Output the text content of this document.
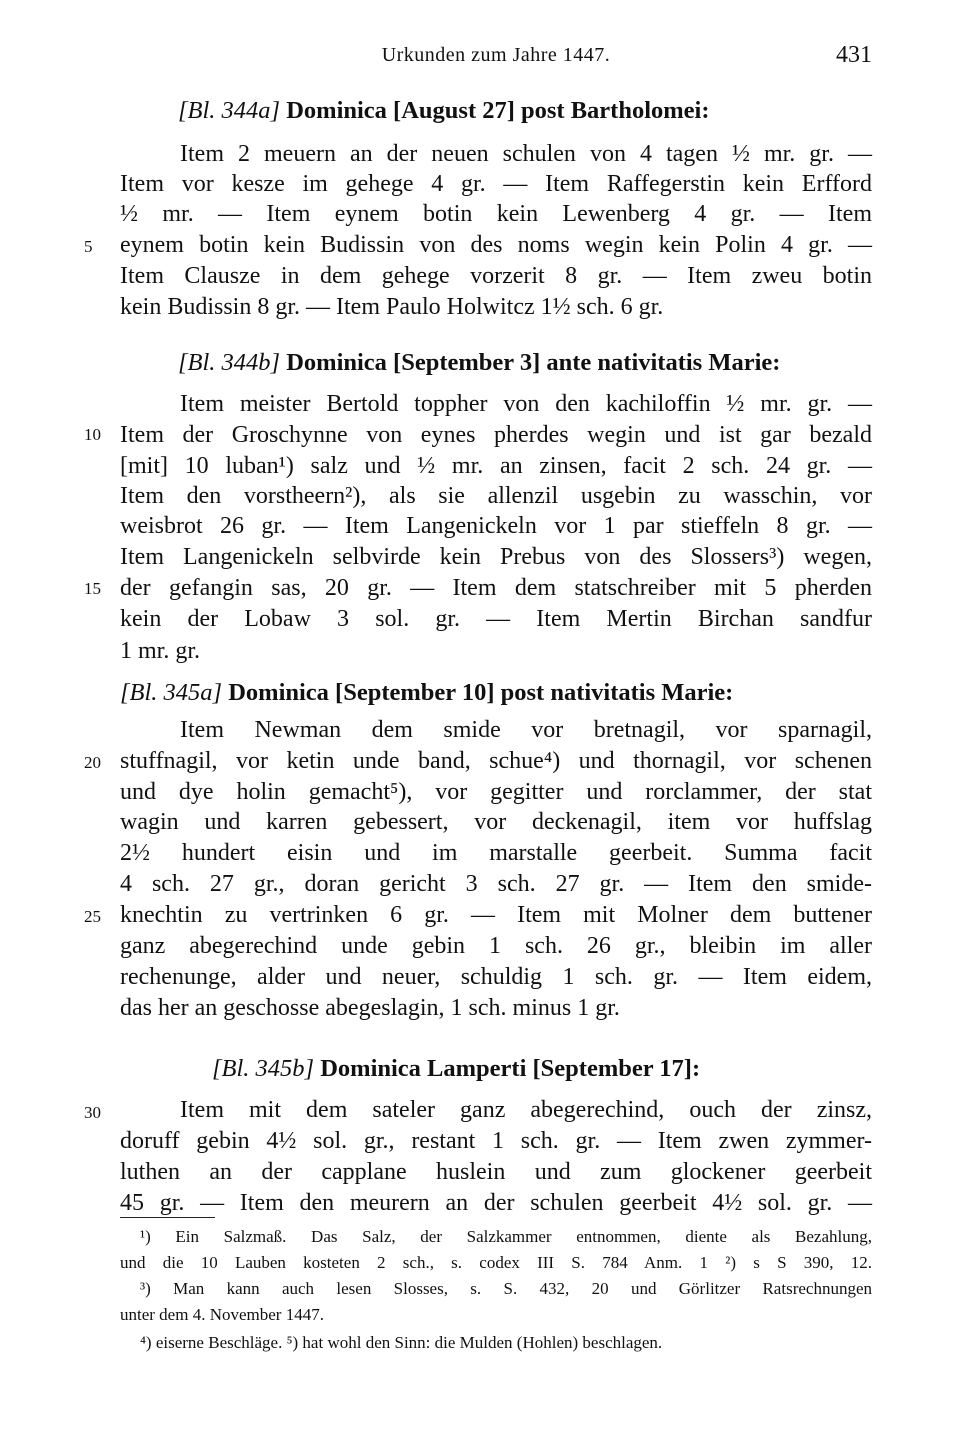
Urkunden zum Jahre 1447.	431
[Bl. 344a] Dominica [August 27] post Bartholomei:
Item 2 meuern an der neuen schulen von 4 tagen ½ mr. gr. —
Item vor kesze im gehege 4 gr. — Item Raffegerstin kein Erfford
½ mr. — Item eynem botin kein Lewenberg 4 gr. — Item
eynem botin kein Budissin von des noms wegin kein Polin 4 gr. —
Item Clausze in dem gehege vorzerit 8 gr. — Item zweu botin
kein Budissin 8 gr. — Item Paulo Holwitcz 1½ sch. 6 gr.
[Bl. 344b] Dominica [September 3] ante nativitatis Marie:
Item meister Bertold toppher von den kachiloffin ½ mr. gr. —
Item der Groschynne von eynes pherdes wegin und ist gar bezald
[mit] 10 luban¹) salz und ½ mr. an zinsen, facit 2 sch. 24 gr. —
Item den vorstheern²), als sie allenzil usgebin zu wasschin, vor
weisbrot 26 gr. — Item Langenickeln vor 1 par stieffeln 8 gr. —
Item Langenickeln selbvirde kein Prebus von des Slossers³) wegen,
der gefangin sas, 20 gr. — Item dem statschreiber mit 5 pherden
kein der Lobaw 3 sol. gr. — Item Mertin Birchan sandfur
1 mr. gr.
[Bl. 345a] Dominica [September 10] post nativitatis Marie:
Item Newman dem smide vor bretnagil, vor sparnagil,
stuffnagil, vor ketin unde band, schue⁴) und thornagil, vor schenen
und dye holin gemacht⁵), vor gegitter und rorclammer, der stat
wagin und karren gebessert, vor deckenagil, item vor huffslag
2½ hundert eisin und im marstalle geerbeit. Summa facit
4 sch. 27 gr., doran gericht 3 sch. 27 gr. — Item den smide-
knechtin zu vertrinken 6 gr. — Item mit Molner dem buttener
ganz abegerechind unde gebin 1 sch. 26 gr., bleibin im aller
rechenunge, alder und neuer, schuldig 1 sch. gr. — Item eidem,
das her an geschosse abegeslagin, 1 sch. minus 1 gr.
[Bl. 345b] Dominica Lamperti [September 17]:
Item mit dem sateler ganz abegerechind, ouch der zinsz,
doruff gebin 4½ sol. gr., restant 1 sch. gr. — Item zwen zymmer-
luthen an der capplane huslein und zum glockener geerbeit
45 gr. — Item den meurern an der schulen geerbeit 4½ sol. gr. —
5
10
15
20
25
30
¹) Ein Salzmaß. Das Salz, der Salzkammer entnommen, diente als Bezahlung,
und die 10 Lauben kosteten 2 sch., s. codex III S. 784 Anm. 1 ²) s S 390, 12.
³) Man kann auch lesen Slosses, s. S. 432, 20 und Görlitzer Ratsrechnungen
unter dem 4. November 1447.
⁴) eiserne Beschläge. ⁵) hat wohl den Sinn: die Mulden (Hohlen) beschlagen.
